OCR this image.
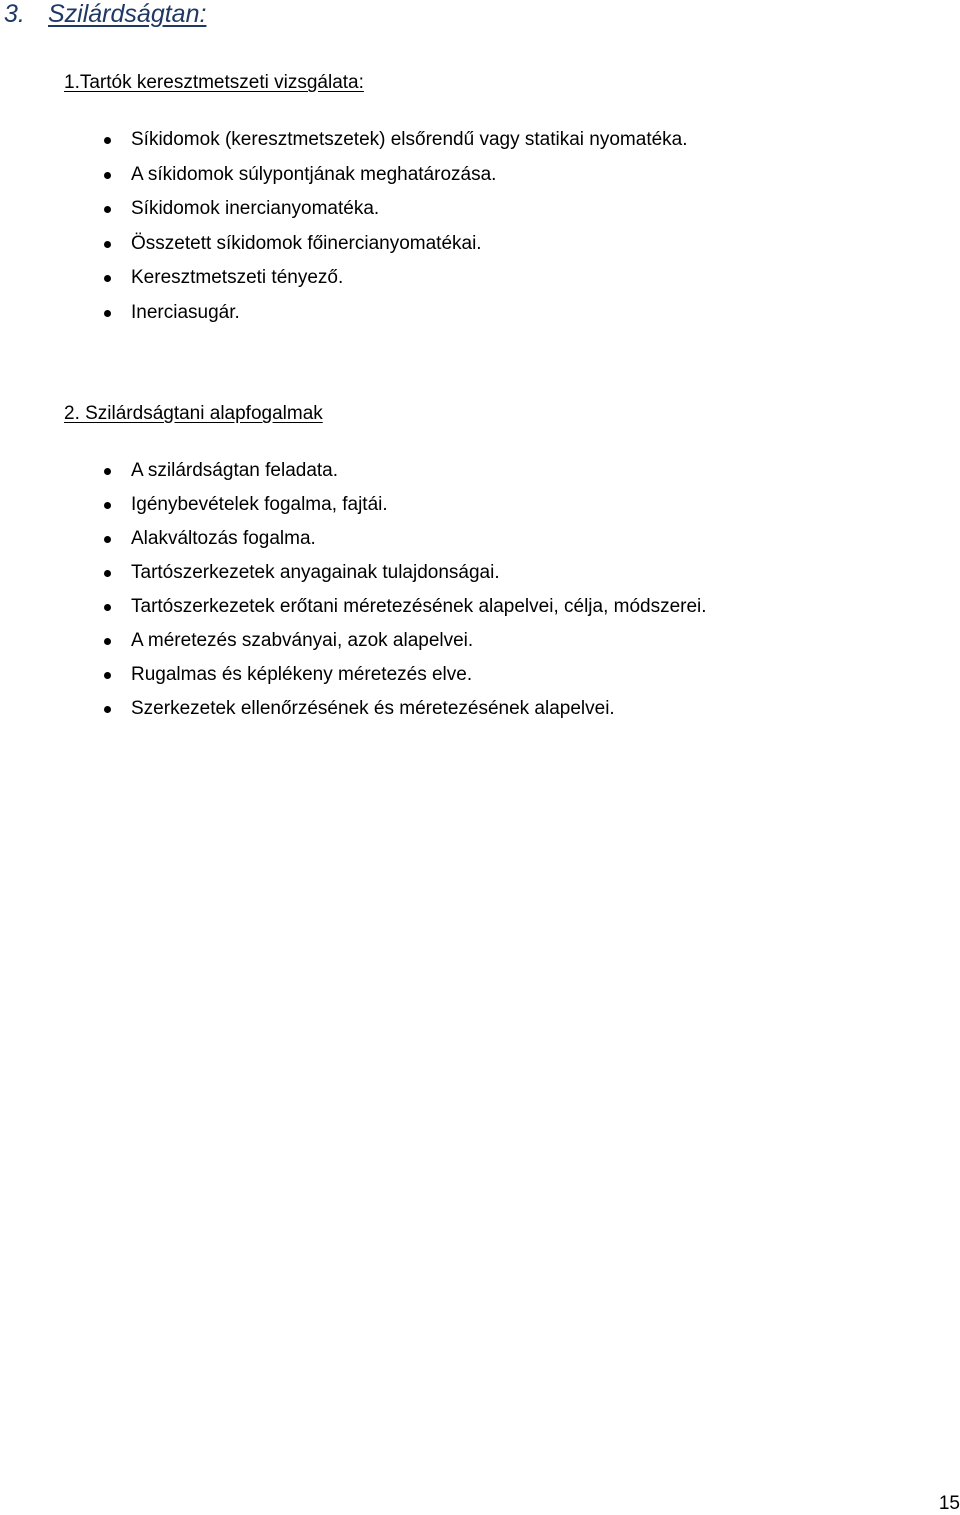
3. Szilárdságtan:
1.Tartók keresztmetszeti vizsgálata:
Síkidomok (keresztmetszetek) elsőrendű vagy statikai nyomatéka.
A síkidomok súlypontjának meghatározása.
Síkidomok inercianyomatéka.
Összetett síkidomok főinercianyomatékai.
Keresztmetszeti tényező.
Inerciasugár.
2. Szilárdságtani alapfogalmak
A szilárdságtan feladata.
Igénybevételek fogalma, fajtái.
Alakváltozás fogalma.
Tartószerkezetek anyagainak tulajdonságai.
Tartószerkezetek erőtani méretezésének alapelvei, célja, módszerei.
A méretezés szabványai, azok alapelvei.
Rugalmas és képlékeny méretezés elve.
Szerkezetek ellenőrzésének és méretezésének alapelvei.
15
